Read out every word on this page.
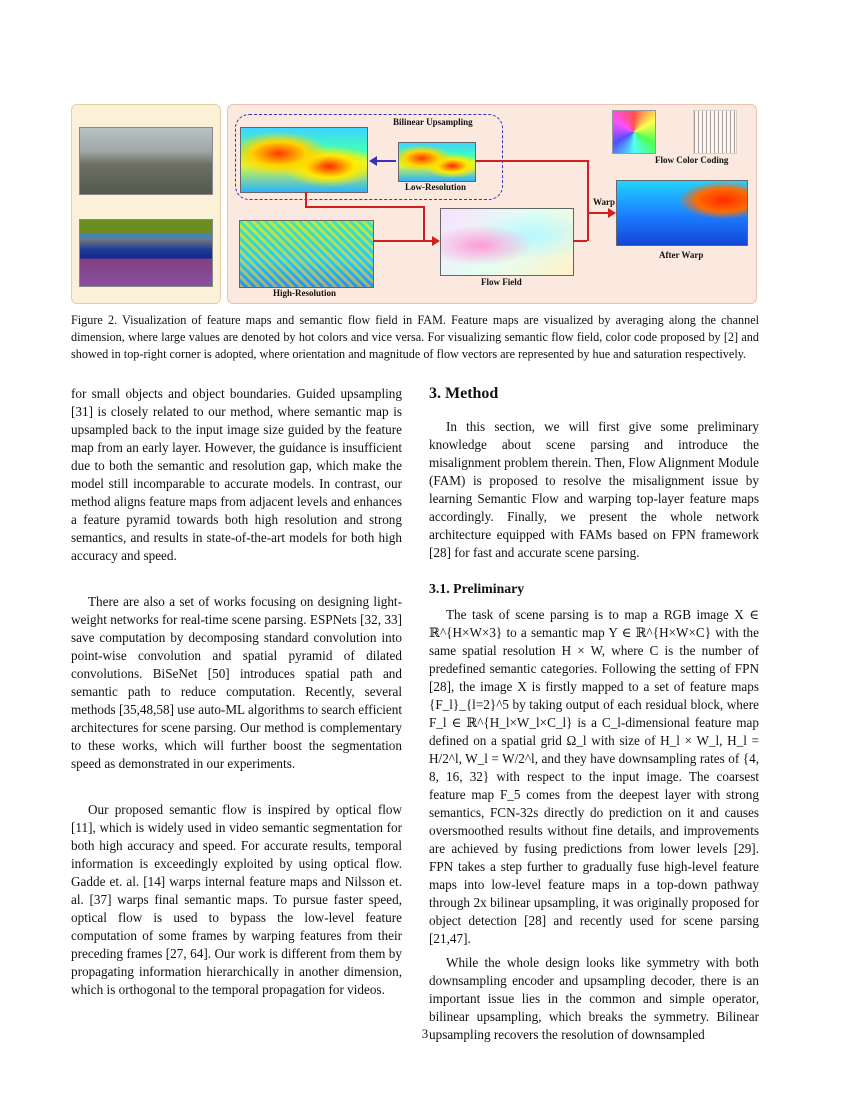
Bilinear Upsampling
Low-Resolution
High-Resolution
Flow Field
Warp
After Warp
Flow Color Coding
Figure 2. Visualization of feature maps and semantic flow field in FAM. Feature maps are visualized by averaging along the channel dimension, where large values are denoted by hot colors and vice versa. For visualizing semantic flow field, color code proposed by [2] and showed in top-right corner is adopted, where orientation and magnitude of flow vectors are represented by hue and saturation respectively.

for small objects and object boundaries. Guided upsampling [31] is closely related to our method, where semantic map is upsampled back to the input image size guided by the feature map from an early layer. However, the guidance is insufficient due to both the semantic and resolution gap, which make the model still incomparable to accurate models. In contrast, our method aligns feature maps from adjacent levels and enhances a feature pyramid towards both high resolution and strong semantics, and results in state-of-the-art models for both high accuracy and speed.

There are also a set of works focusing on designing light-weight networks for real-time scene parsing. ESPNets [32, 33] save computation by decomposing standard convolution into point-wise convolution and spatial pyramid of dilated convolutions. BiSeNet [50] introduces spatial path and semantic path to reduce computation. Recently, several methods [35,48,58] use auto-ML algorithms to search efficient architectures for scene parsing. Our method is complementary to these works, which will further boost the segmentation speed as demonstrated in our experiments.

Our proposed semantic flow is inspired by optical flow [11], which is widely used in video semantic segmentation for both high accuracy and speed. For accurate results, temporal information is exceedingly exploited by using optical flow. Gadde et. al. [14] warps internal feature maps and Nilsson et. al. [37] warps final semantic maps. To pursue faster speed, optical flow is used to bypass the low-level feature computation of some frames by warping features from their preceding frames [27, 64]. Our work is different from them by propagating information hierarchically in another dimension, which is orthogonal to the temporal propagation for videos.

3. Method

In this section, we will first give some preliminary knowledge about scene parsing and introduce the misalignment problem therein. Then, Flow Alignment Module (FAM) is proposed to resolve the misalignment issue by learning Semantic Flow and warping top-layer feature maps accordingly. Finally, we present the whole network architecture equipped with FAMs based on FPN framework [28] for fast and accurate scene parsing.

3.1. Preliminary

The task of scene parsing is to map a RGB image X ∈ ℝ^{H×W×3} to a semantic map Y ∈ ℝ^{H×W×C} with the same spatial resolution H × W, where C is the number of predefined semantic categories. Following the setting of FPN [28], the image X is firstly mapped to a set of feature maps {F_l}_{l=2}^5 by taking output of each residual block, where F_l ∈ ℝ^{H_l×W_l×C_l} is a C_l-dimensional feature map defined on a spatial grid Ω_l with size of H_l × W_l, H_l = H/2^l, W_l = W/2^l, and they have downsampling rates of {4, 8, 16, 32} with respect to the input image. The coarsest feature map F_5 comes from the deepest layer with strong semantics, FCN-32s directly do prediction on it and causes oversmoothed results without fine details, and improvements are achieved by fusing predictions from lower levels [29]. FPN takes a step further to gradually fuse high-level feature maps into low-level feature maps in a top-down pathway through 2x bilinear upsampling, it was originally proposed for object detection [28] and recently used for scene parsing [21,47].

While the whole design looks like symmetry with both downsampling encoder and upsampling decoder, there is an important issue lies in the common and simple operator, bilinear upsampling, which breaks the symmetry. Bilinear upsampling recovers the resolution of downsampled

3
